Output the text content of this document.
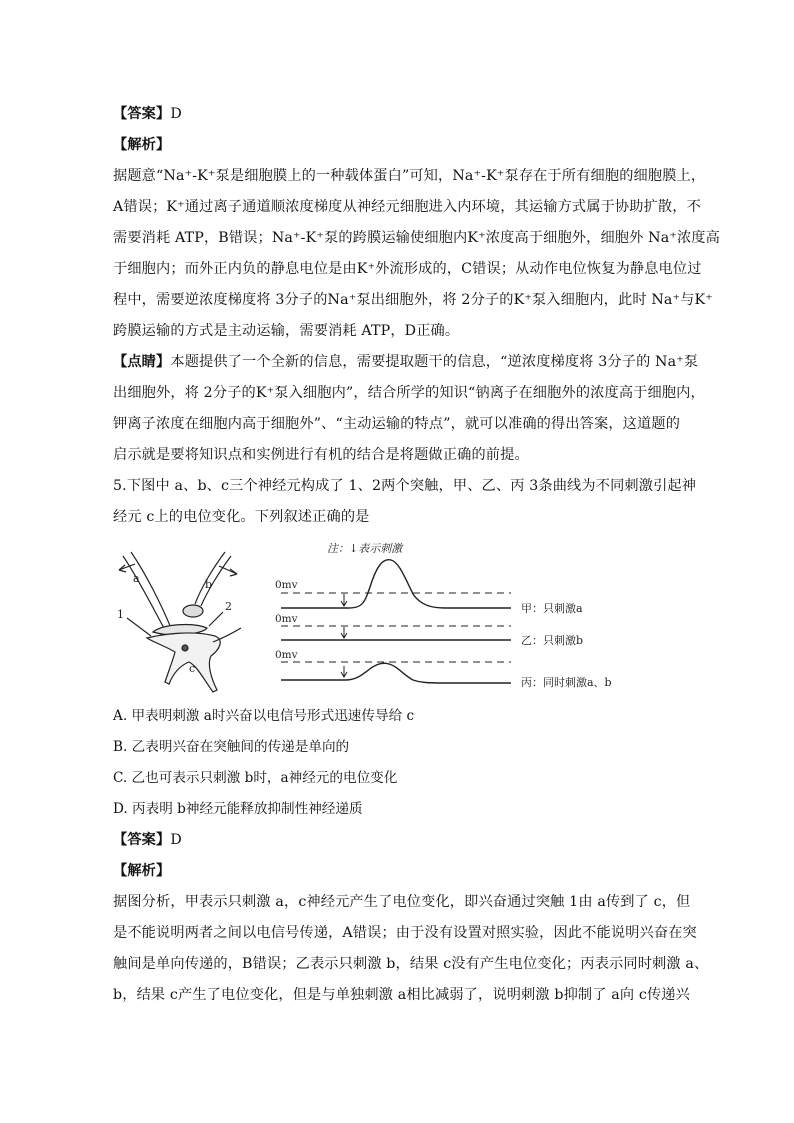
【答案】D
【解析】
据题意“Na⁺-K⁺泵是细胞膜上的一种载体蛋白”可知，Na⁺-K⁺泵存在于所有细胞的细胞膜上，
A错误；K⁺通过离子通道顺浓度梯度从神经元细胞进入内环境，其运输方式属于协助扩散，不
需要消耗 ATP，B错误；Na⁺-K⁺泵的跨膜运输使细胞内K⁺浓度高于细胞外，细胞外 Na⁺浓度高
于细胞内；而外正内负的静息电位是由K⁺外流形成的，C错误；从动作电位恢复为静息电位过
程中，需要逆浓度梯度将 3分子的Na⁺泵出细胞外，将 2分子的K⁺泵入细胞内，此时 Na⁺与K⁺
跨膜运输的方式是主动运输，需要消耗 ATP，D正确。
【点睛】本题提供了一个全新的信息，需要提取题干的信息，“逆浓度梯度将 3分子的 Na⁺泵
出细胞外，将 2分子的K⁺泵入细胞内”，结合所学的知识“钠离子在细胞外的浓度高于细胞内，
钾离子浓度在细胞内高于细胞外”、“主动运输的特点”，就可以准确的得出答案，这道题的
启示就是要将知识点和实例进行有机的结合是将题做正确的前提。
5.下图中 a、b、c三个神经元构成了 1、2两个突触，甲、乙、丙 3条曲线为不同刺激引起神
经元 c上的电位变化。下列叙述正确的是
a	b
c
1
2
注：↓表示刺激
0mv
甲：只刺激a
0mv
乙：只刺激b
0mv
丙：同时刺激a、b
A. 甲表明刺激 a时兴奋以电信号形式迅速传导给 c
B. 乙表明兴奋在突触间的传递是单向的
C. 乙也可表示只刺激 b时，a神经元的电位变化
D. 丙表明 b神经元能释放抑制性神经递质
【答案】D
【解析】
据图分析，甲表示只刺激 a，c神经元产生了电位变化，即兴奋通过突触 1由 a传到了 c，但
是不能说明两者之间以电信号传递，A错误；由于没有设置对照实验，因此不能说明兴奋在突
触间是单向传递的，B错误；乙表示只刺激 b，结果 c没有产生电位变化；丙表示同时刺激 a、
b，结果 c产生了电位变化，但是与单独刺激 a相比减弱了，说明刺激 b抑制了 a向 c传递兴
